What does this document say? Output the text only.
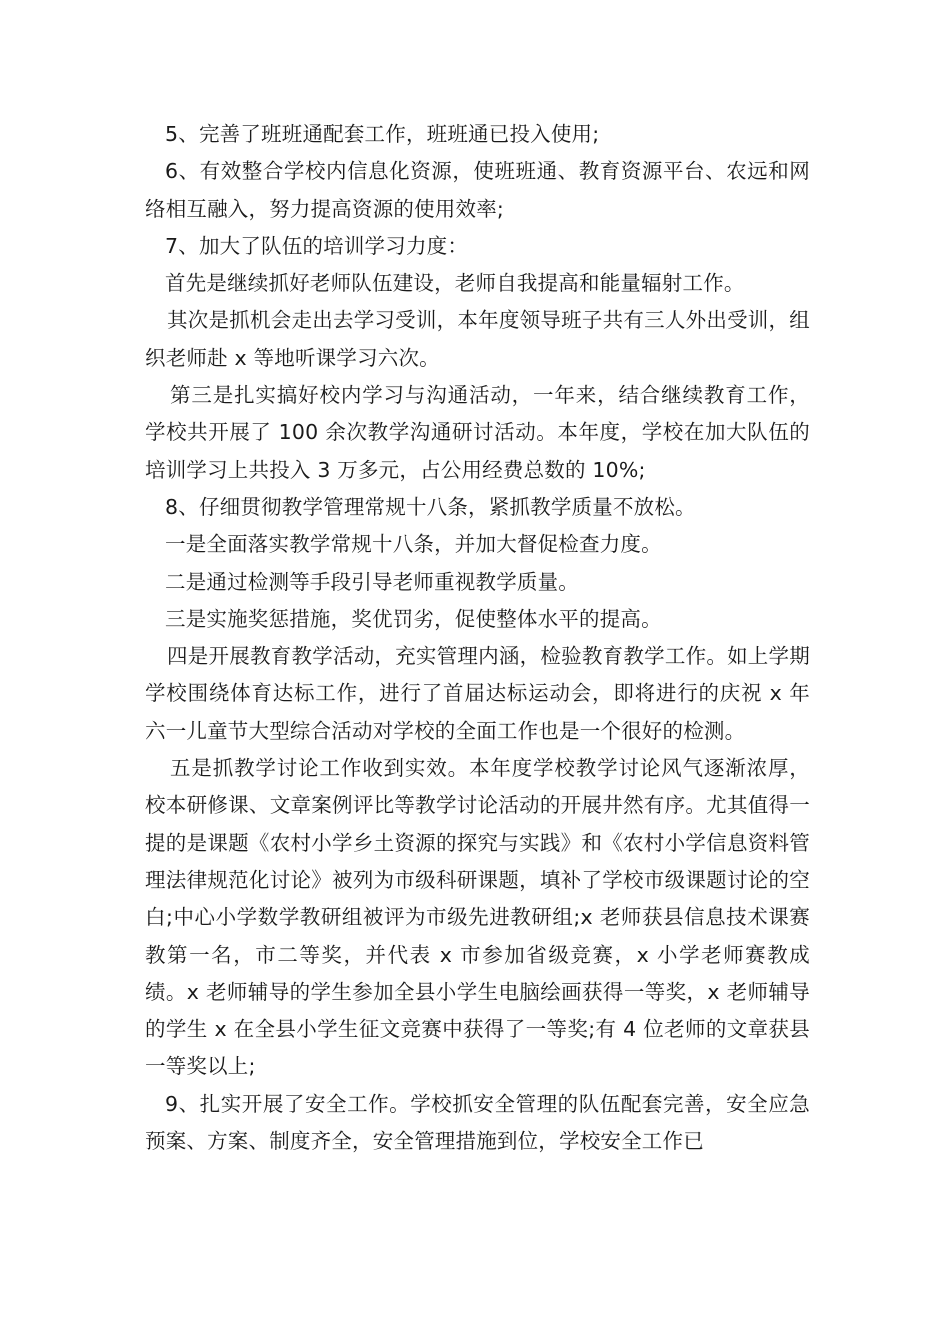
5、完善了班班通配套工作，班班通已投入使用;

6、有效整合学校内信息化资源，使班班通、教育资源平台、农远和网络相互融入，努力提高资源的使用效率;

7、加大了队伍的培训学习力度：

首先是继续抓好老师队伍建设，老师自我提高和能量辐射工作。

其次是抓机会走出去学习受训，本年度领导班子共有三人外出受训，组织老师赴 x 等地听课学习六次。

第三是扎实搞好校内学习与沟通活动，一年来，结合继续教育工作，学校共开展了 100 余次教学沟通研讨活动。本年度，学校在加大队伍的培训学习上共投入 3 万多元，占公用经费总数的 10%;

8、仔细贯彻教学管理常规十八条，紧抓教学质量不放松。

一是全面落实教学常规十八条，并加大督促检查力度。

二是通过检测等手段引导老师重视教学质量。

三是实施奖惩措施，奖优罚劣，促使整体水平的提高。

四是开展教育教学活动，充实管理内涵，检验教育教学工作。如上学期学校围绕体育达标工作，进行了首届达标运动会，即将进行的庆祝 x 年六一儿童节大型综合活动对学校的全面工作也是一个很好的检测。

五是抓教学讨论工作收到实效。本年度学校教学讨论风气逐渐浓厚，校本研修课、文章案例评比等教学讨论活动的开展井然有序。尤其值得一提的是课题《农村小学乡土资源的探究与实践》和《农村小学信息资料管理法律规范化讨论》被列为市级科研课题，填补了学校市级课题讨论的空白;中心小学数学教研组被评为市级先进教研组;x 老师获县信息技术课赛教第一名，市二等奖，并代表 x 市参加省级竞赛，x 小学老师赛教成绩。x 老师辅导的学生参加全县小学生电脑绘画获得一等奖，x 老师辅导的学生 x 在全县小学生征文竞赛中获得了一等奖;有 4 位老师的文章获县一等奖以上;

9、扎实开展了安全工作。学校抓安全管理的队伍配套完善，安全应急预案、方案、制度齐全，安全管理措施到位，学校安全工作已
